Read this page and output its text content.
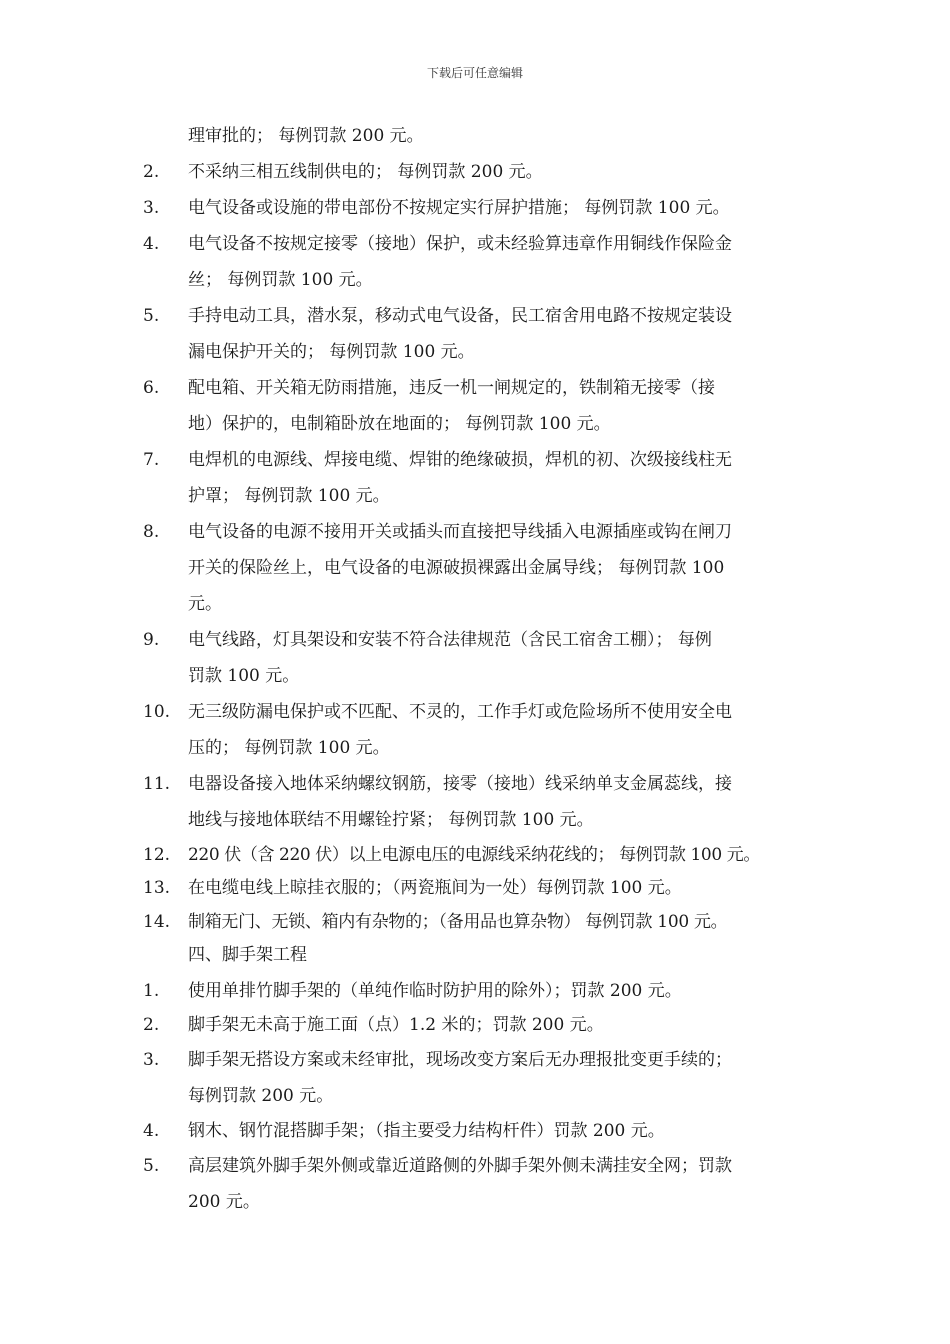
下载后可任意编辑
理审批的； 每例罚款 200 元。
2. 不采纳三相五线制供电的； 每例罚款 200 元。
3. 电气设备或设施的带电部份不按规定实行屏护措施； 每例罚款 100 元。
4. 电气设备不按规定接零（接地）保护，或未经验算违章作用铜线作保险金
丝； 每例罚款 100 元。
5. 手持电动工具，潜水泵，移动式电气设备，民工宿舍用电路不按规定装设
漏电保护开关的； 每例罚款 100 元。
6. 配电箱、开关箱无防雨措施，违反一机一闸规定的，铁制箱无接零（接
地）保护的，电制箱卧放在地面的； 每例罚款 100 元。
7. 电焊机的电源线、焊接电缆、焊钳的绝缘破损，焊机的初、次级接线柱无
护罩； 每例罚款 100 元。
8. 电气设备的电源不接用开关或插头而直接把导线插入电源插座或钩在闸刀
开关的保险丝上，电气设备的电源破损裸露出金属导线； 每例罚款 100
元。
9. 电气线路，灯具架设和安装不符合法律规范（含民工宿舍工棚）； 每例
罚款 100 元。
10. 无三级防漏电保护或不匹配、不灵的，工作手灯或危险场所不使用安全电
压的； 每例罚款 100 元。
11. 电器设备接入地体采纳螺纹钢筋，接零（接地）线采纳单支金属蕊线，接
地线与接地体联结不用螺铨拧紧； 每例罚款 100 元。
12. 220 伏（含 220 伏）以上电源电压的电源线采纳花线的； 每例罚款 100 元。
13. 在电缆电线上晾挂衣服的；（两瓷瓶间为一处）每例罚款 100 元。
14. 制箱无门、无锁、箱内有杂物的；（备用品也算杂物） 每例罚款 100 元。
四、脚手架工程
1. 使用单排竹脚手架的（单纯作临时防护用的除外）；罚款 200 元。
2. 脚手架无未高于施工面（点）1.2 米的；罚款 200 元。
3. 脚手架无搭设方案或未经审批，现场改变方案后无办理报批变更手续的；
每例罚款 200 元。
4. 钢木、钢竹混搭脚手架；（指主要受力结构杆件）罚款 200 元。
5. 高层建筑外脚手架外侧或靠近道路侧的外脚手架外侧未满挂安全网；罚款
200 元。
